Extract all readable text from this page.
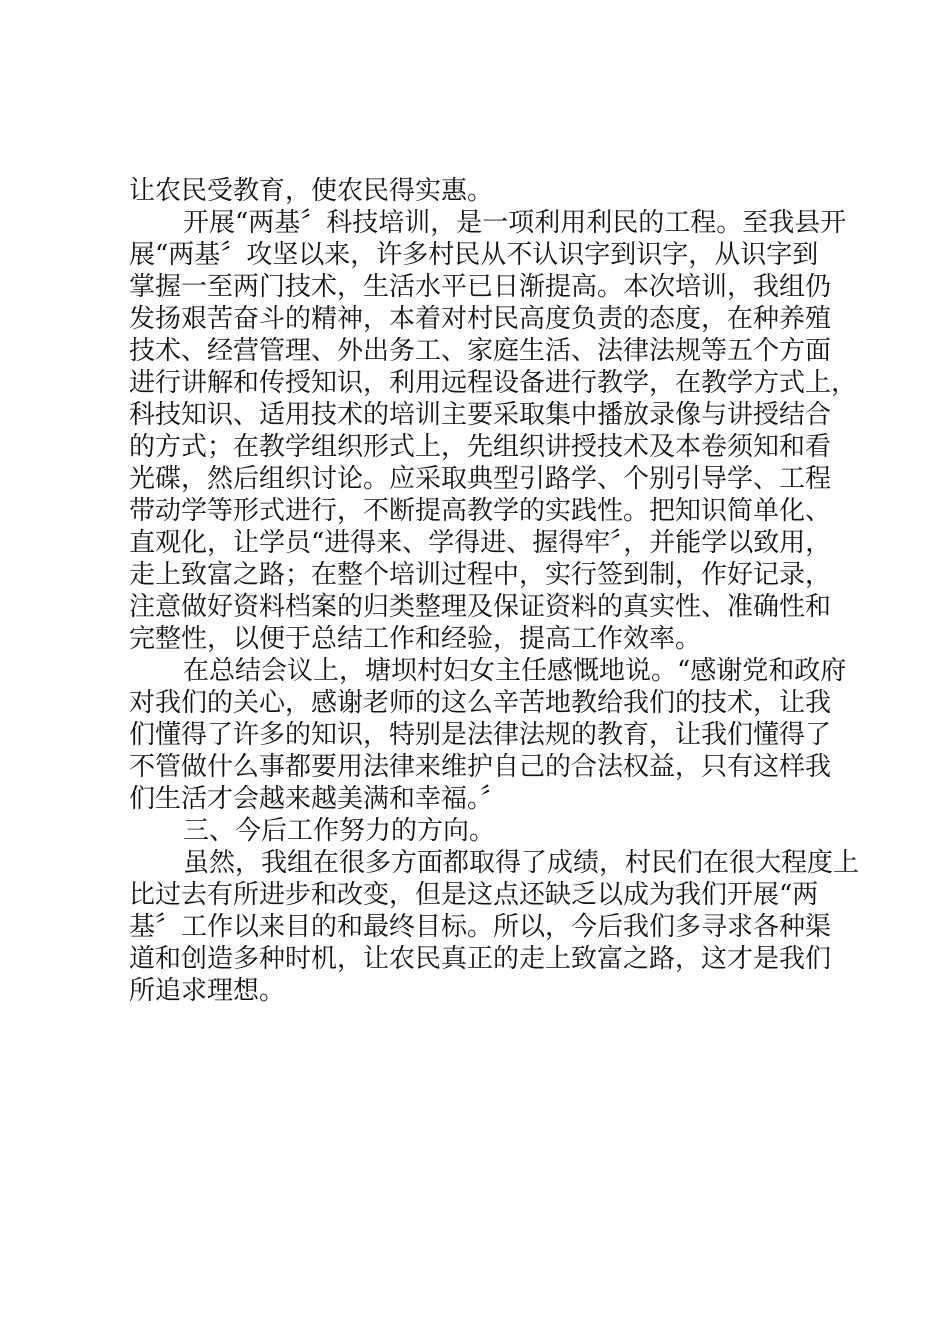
让农民受教育，使农民得实惠。
开展“两基〞科技培训，是一项利用利民的工程。至我县开
展“两基〞攻坚以来，许多村民从不认识字到识字，从识字到
掌握一至两门技术，生活水平已日渐提高。本次培训，我组仍
发扬艰苦奋斗的精神，本着对村民高度负责的态度，在种养殖
技术、经营管理、外出务工、家庭生活、法律法规等五个方面
进行讲解和传授知识，利用远程设备进行教学，在教学方式上，
科技知识、适用技术的培训主要采取集中播放录像与讲授结合
的方式；在教学组织形式上，先组织讲授技术及本卷须知和看
光碟，然后组织讨论。应采取典型引路学、个别引导学、工程
带动学等形式进行，不断提高教学的实践性。把知识简单化、
直观化，让学员“进得来、学得进、握得牢〞，并能学以致用，
走上致富之路；在整个培训过程中，实行签到制，作好记录，
注意做好资料档案的归类整理及保证资料的真实性、准确性和
完整性，以便于总结工作和经验，提高工作效率。
在总结会议上，塘坝村妇女主任感慨地说。“感谢党和政府
对我们的关心，感谢老师的这么辛苦地教给我们的技术，让我
们懂得了许多的知识，特别是法律法规的教育，让我们懂得了
不管做什么事都要用法律来维护自己的合法权益，只有这样我
们生活才会越来越美满和幸福。〞
三、今后工作努力的方向。
虽然，我组在很多方面都取得了成绩，村民们在很大程度上
比过去有所进步和改变，但是这点还缺乏以成为我们开展“两
基〞工作以来目的和最终目标。所以，今后我们多寻求各种渠
道和创造多种时机，让农民真正的走上致富之路，这才是我们
所追求理想。
